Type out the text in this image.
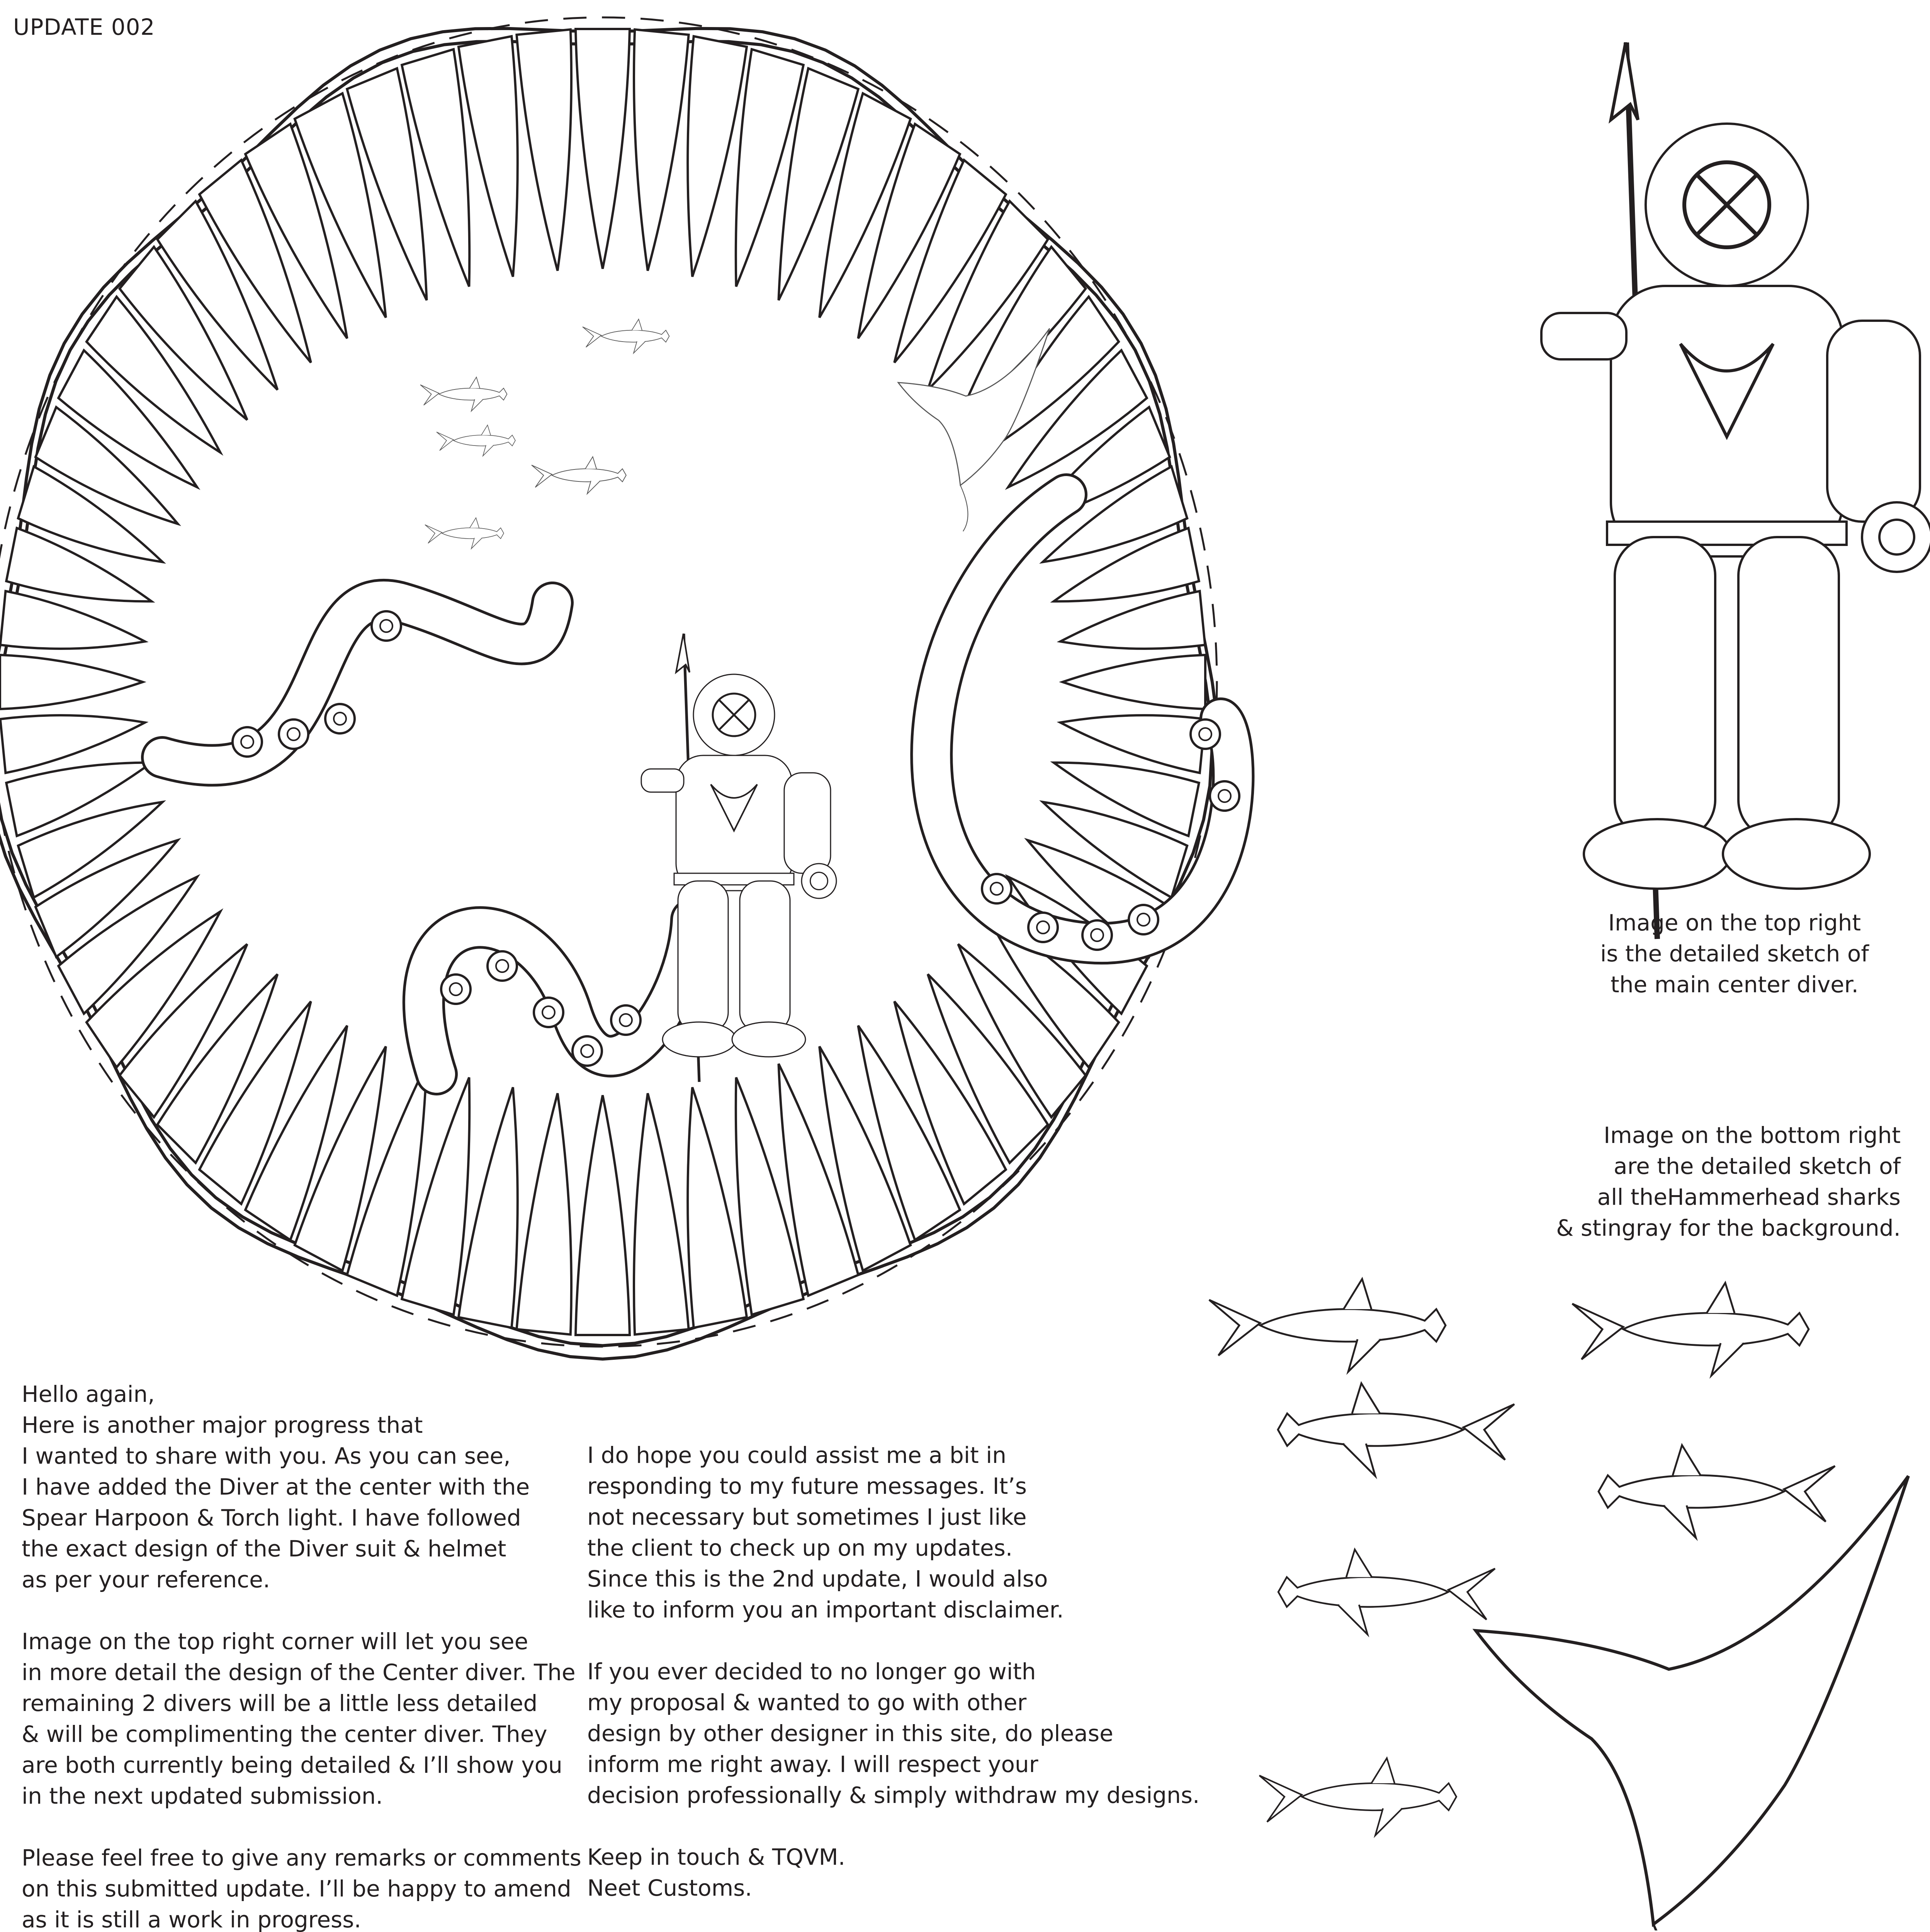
UPDATE 002
Image on the top right
is the detailed sketch of
the main center diver.
Image on the bottom right
are the detailed sketch of
all theHammerhead sharks
& stingray for the background.
Hello again,
Here is another major progress that
I wanted to share with you. As you can see,
I have added the Diver at the center with the
Spear Harpoon & Torch light. I have followed
the exact design of the Diver suit & helmet
as per your reference.
Image on the top right corner will let you see
in more detail the design of the Center diver. The
remaining 2 divers will be a little less detailed
& will be complimenting the center diver. They
are both currently being detailed & I’ll show you
in the next updated submission.
Please feel free to give any remarks or comments
on this submitted update. I’ll be happy to amend
as it is still a work in progress.
I do hope you could assist me a bit in
responding to my future messages. It’s
not necessary but sometimes I just like
the client to check up on my updates.
Since this is the 2nd update, I would also
like to inform you an important disclaimer.
If you ever decided to no longer go with
my proposal & wanted to go with other
design by other designer in this site, do please
inform me right away. I will respect your
decision professionally & simply withdraw my designs.
Keep in touch & TQVM.
Neet Customs.
